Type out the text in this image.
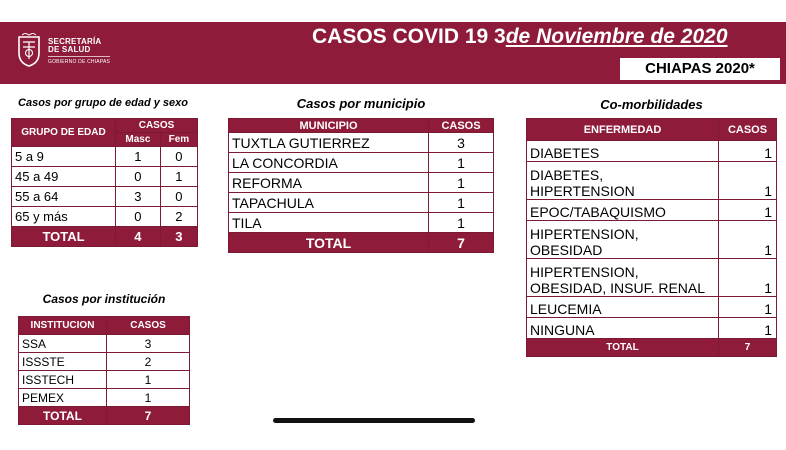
SECRETARÍA
DE SALUD
GOBIERNO DE CHIAPAS
CASOS COVID 19 3de Noviembre de 2020
CHIAPAS 2020*
Casos por grupo de edad y sexo	Casos por municipio	Co-morbilidades
Casos por institución
GRUPO DE EDAD	CASOS	
	Masc	Fem
5 a 9	1	0
45 a 49	0	1
55 a 64	3	0
65 y más	0	2
TOTAL	4	3
MUNICIPIO	CASOS
TUXTLA GUTIERREZ	3
LA CONCORDIA	1
REFORMA	1
TAPACHULA	1
TILA	1
TOTAL	7
INSTITUCION	CASOS
SSA	3
ISSSTE	2
ISSTECH	1
PEMEX	1
TOTAL	7
ENFERMEDAD	CASOS
DIABETES	1

DIABETES,
HIPERTENSION	1
EPOC/TABAQUISMO	1

HIPERTENSION,
OBESIDAD	1

HIPERTENSION,
OBESIDAD, INSUF. RENAL	1
LEUCEMIA	1
NINGUNA	1
TOTAL	7
